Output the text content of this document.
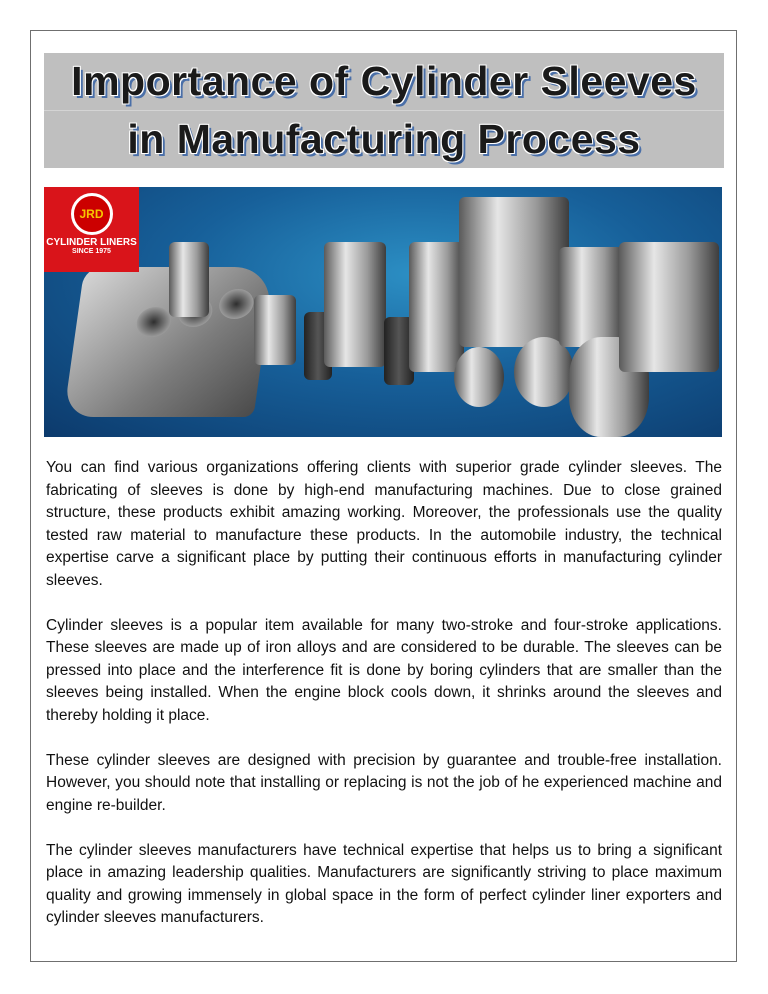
Importance of Cylinder Sleeves
in Manufacturing Process
JRD
CYLINDER LINERS
SINCE 1975

You can find various organizations offering clients with superior grade cylinder sleeves. The fabricating of sleeves is done by high-end manufacturing machines. Due to close grained structure, these products exhibit amazing working. Moreover, the professionals use the quality tested raw material to manufacture these products. In the automobile industry, the technical expertise carve a significant place by putting their continuous efforts in manufacturing cylinder sleeves.

Cylinder sleeves is a popular item available for many two-stroke and four-stroke applications. These sleeves are made up of iron alloys and are considered to be durable. The sleeves can be pressed into place and the interference fit is done by boring cylinders that are smaller than the sleeves being installed. When the engine block cools down, it shrinks around the sleeves and thereby holding it place.

These cylinder sleeves are designed with precision by guarantee and trouble-free installation. However, you should note that installing or replacing is not the job of he experienced machine and engine re-builder.

The cylinder sleeves manufacturers have technical expertise that helps us to bring a significant place in amazing leadership qualities. Manufacturers are significantly striving to place maximum quality and growing immensely in global space in the form of perfect cylinder liner exporters and cylinder sleeves manufacturers.
